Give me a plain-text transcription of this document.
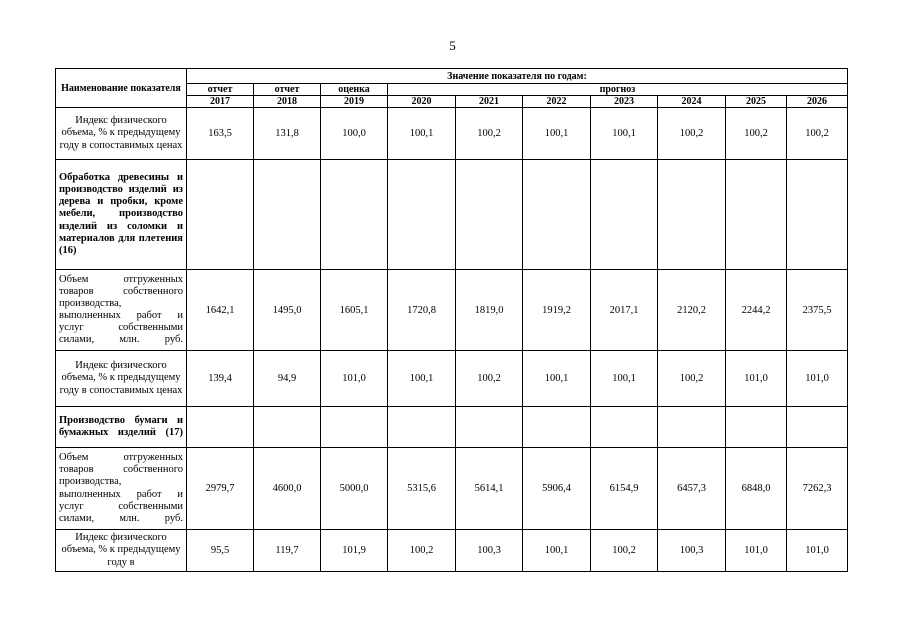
5
Наименование показателя	Значение показателя по годам:									
	отчет	отчет	оценка	прогноз						
	2017	2018	2019	2020	2021	2022	2023	2024	2025	2026
Индекс физического объема, % к предыдущему году в сопоставимых ценах	163,5	131,8	100,0	100,1	100,2	100,1	100,1	100,2	100,2	100,2
Обработка древесины и производство изделий из дерева и пробки, кроме мебели, производство изделий из соломки и материалов для плетения (16)										
Объем отгруженных товаров собственного производства, выполненных работ и услуг собственными силами, млн. руб.	1642,1	1495,0	1605,1	1720,8	1819,0	1919,2	2017,1	2120,2	2244,2	2375,5
Индекс физического объема, % к предыдущему году в сопоставимых ценах	139,4	94,9	101,0	100,1	100,2	100,1	100,1	100,2	101,0	101,0
Производство бумаги и бумажных изделий (17)										
Объем отгруженных товаров собственного производства, выполненных работ и услуг собственными силами, млн. руб.	2979,7	4600,0	5000,0	5315,6	5614,1	5906,4	6154,9	6457,3	6848,0	7262,3
Индекс физического объема, % к предыдущему году в	95,5	119,7	101,9	100,2	100,3	100,1	100,2	100,3	101,0	101,0
